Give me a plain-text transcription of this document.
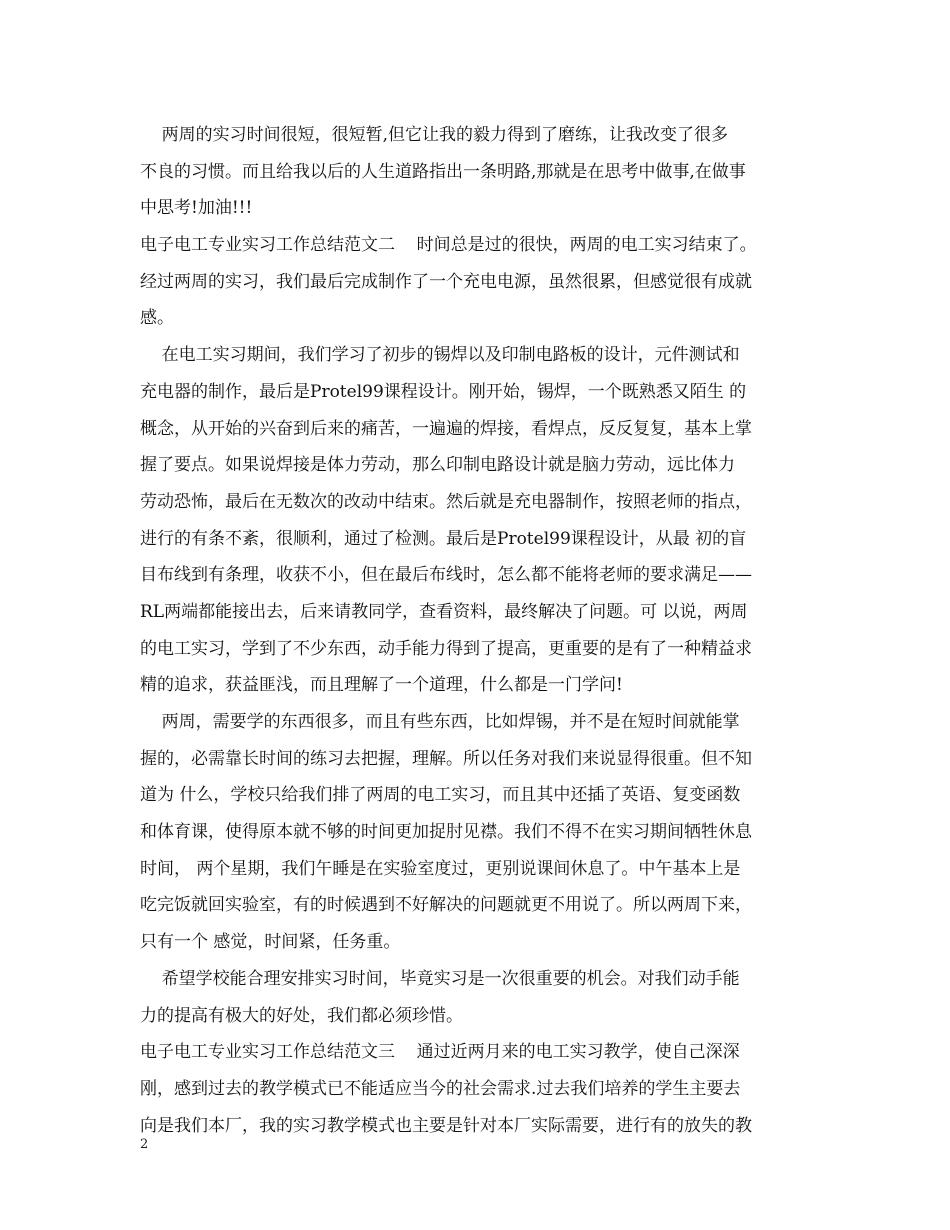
两周的实习时间很短，很短暂,但它让我的毅力得到了磨练，让我改变了很多
不良的习惯。而且给我以后的人生道路指出一条明路,那就是在思考中做事,在做事
中思考!加油!!!
电子电工专业实习工作总结范文二    时间总是过的很快，两周的电工实习结束了。
经过两周的实习，我们最后完成制作了一个充电电源，虽然很累，但感觉很有成就
感。
在电工实习期间，我们学习了初步的锡焊以及印制电路板的设计，元件测试和
充电器的制作，最后是Protel99课程设计。刚开始，锡焊，一个既熟悉又陌生 的
概念，从开始的兴奋到后来的痛苦，一遍遍的焊接，看焊点，反反复复，基本上掌
握了要点。如果说焊接是体力劳动，那么印制电路设计就是脑力劳动，远比体力
劳动恐怖，最后在无数次的改动中结束。然后就是充电器制作，按照老师的指点，
进行的有条不紊，很顺利，通过了检测。最后是Protel99课程设计，从最 初的盲
目布线到有条理，收获不小，但在最后布线时，怎么都不能将老师的要求满足——
RL两端都能接出去，后来请教同学，查看资料，最终解决了问题。可 以说，两周
的电工实习，学到了不少东西，动手能力得到了提高，更重要的是有了一种精益求
精的追求，获益匪浅，而且理解了一个道理，什么都是一门学问!
两周，需要学的东西很多，而且有些东西，比如焊锡，并不是在短时间就能掌
握的，必需靠长时间的练习去把握，理解。所以任务对我们来说显得很重。但不知
道为 什么，学校只给我们排了两周的电工实习，而且其中还插了英语、复变函数
和体育课，使得原本就不够的时间更加捉肘见襟。我们不得不在实习期间牺牲休息
时间， 两个星期，我们午睡是在实验室度过，更别说课间休息了。中午基本上是
吃完饭就回实验室，有的时候遇到不好解决的问题就更不用说了。所以两周下来，
只有一个 感觉，时间紧，任务重。
希望学校能合理安排实习时间，毕竟实习是一次很重要的机会。对我们动手能
力的提高有极大的好处，我们都必须珍惜。
电子电工专业实习工作总结范文三    通过近两月来的电工实习教学，使自己深深
刚，感到过去的教学模式已不能适应当今的社会需求.过去我们培养的学生主要去
向是我们本厂，我的实习教学模式也主要是针对本厂实际需要，进行有的放失的教
2
